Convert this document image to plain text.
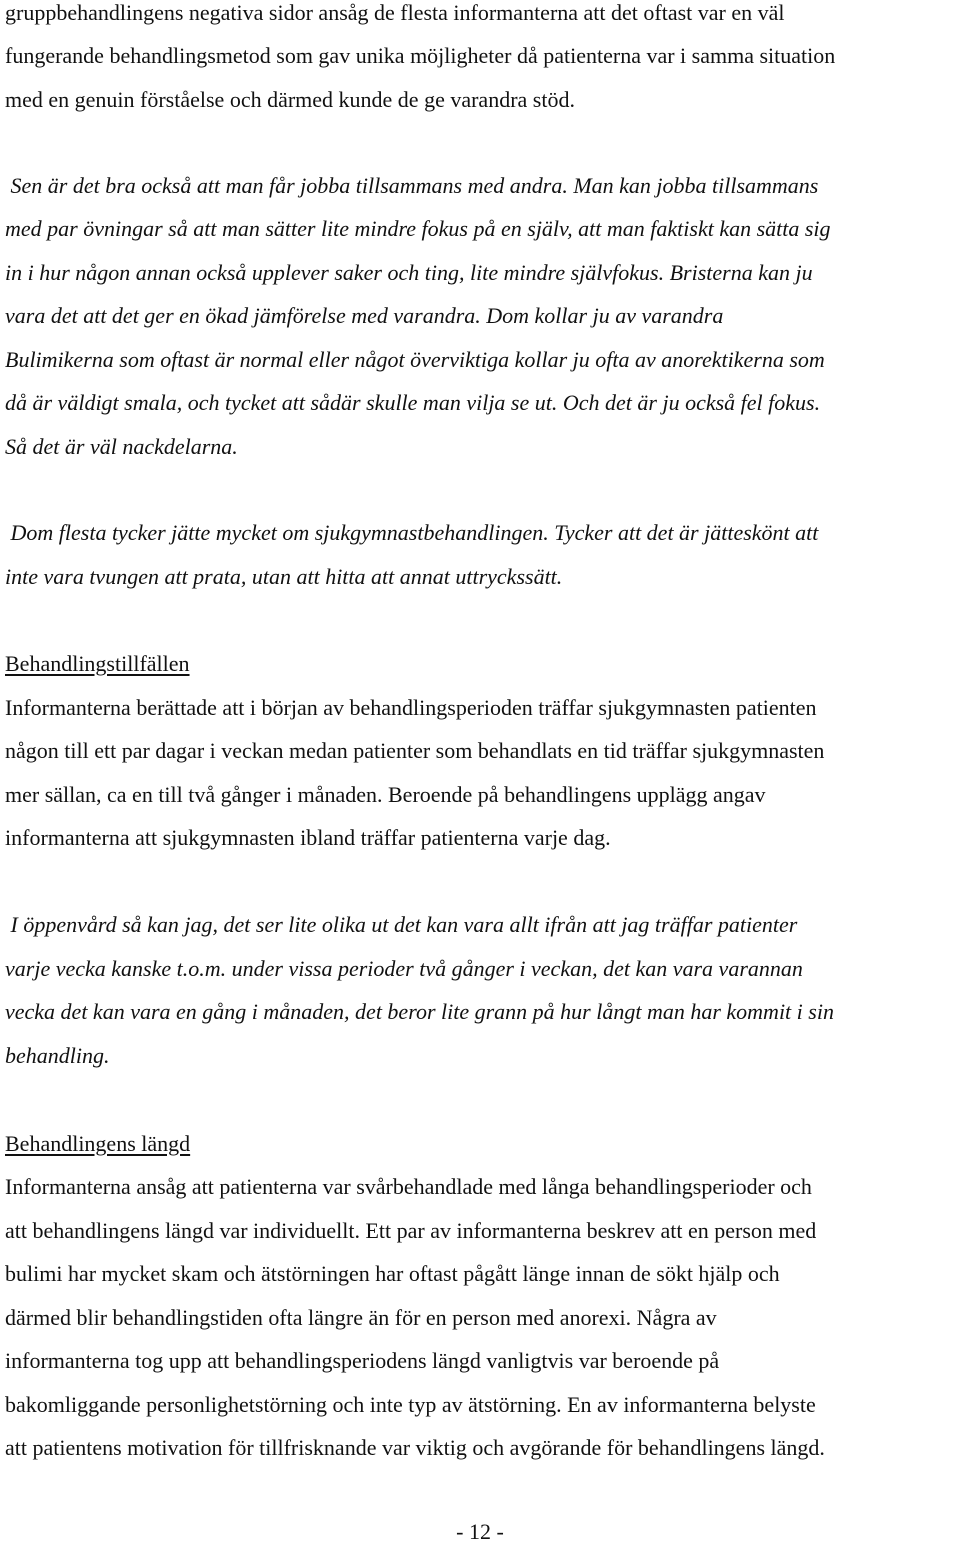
gruppbehandlingens negativa sidor ansåg de flesta informanterna att det oftast var en väl

fungerande behandlingsmetod som gav unika möjligheter då patienterna var i samma situation

med en genuin förståelse och därmed kunde de ge varandra stöd.

Sen är det bra också att man får jobba tillsammans med andra. Man kan jobba tillsammans

med par övningar så att man sätter lite mindre fokus på en själv, att man faktiskt kan sätta sig

in i hur någon annan också upplever saker och ting, lite mindre självfokus. Bristerna kan ju

vara det att det ger en ökad jämförelse med varandra. Dom kollar ju av varandra

Bulimikerna som oftast är normal eller något överviktiga kollar ju ofta av anorektikerna som

då är väldigt smala, och tycket att sådär skulle man vilja se ut. Och det är ju också fel fokus.

Så det är väl nackdelarna.

Dom flesta tycker jätte mycket om sjukgymnastbehandlingen. Tycker att det är jätteskönt att

inte vara tvungen att prata, utan att hitta att annat uttryckssätt.

Behandlingstillfällen

Informanterna berättade att i början av behandlingsperioden träffar sjukgymnasten patienten

någon till ett par dagar i veckan medan patienter som behandlats en tid träffar sjukgymnasten

mer sällan, ca en till två gånger i månaden. Beroende på behandlingens upplägg angav

informanterna att sjukgymnasten ibland träffar patienterna varje dag.

I öppenvård så kan jag, det ser lite olika ut det kan vara allt ifrån att jag träffar patienter

varje vecka kanske t.o.m. under vissa perioder två gånger i veckan, det kan vara varannan

vecka det kan vara en gång i månaden, det beror lite grann på hur långt man har kommit i sin

behandling.

Behandlingens längd

Informanterna ansåg att patienterna var svårbehandlade med långa behandlingsperioder och

att behandlingens längd var individuellt. Ett par av informanterna beskrev att en person med

bulimi har mycket skam och ätstörningen har oftast pågått länge innan de sökt hjälp och

därmed blir behandlingstiden ofta längre än för en person med anorexi. Några av

informanterna tog upp att behandlingsperiodens längd vanligtvis var beroende på

bakomliggande personlighetstörning och inte typ av ätstörning. En av informanterna belyste

att patientens motivation för tillfrisknande var viktig och avgörande för behandlingens längd.

- 12 -
